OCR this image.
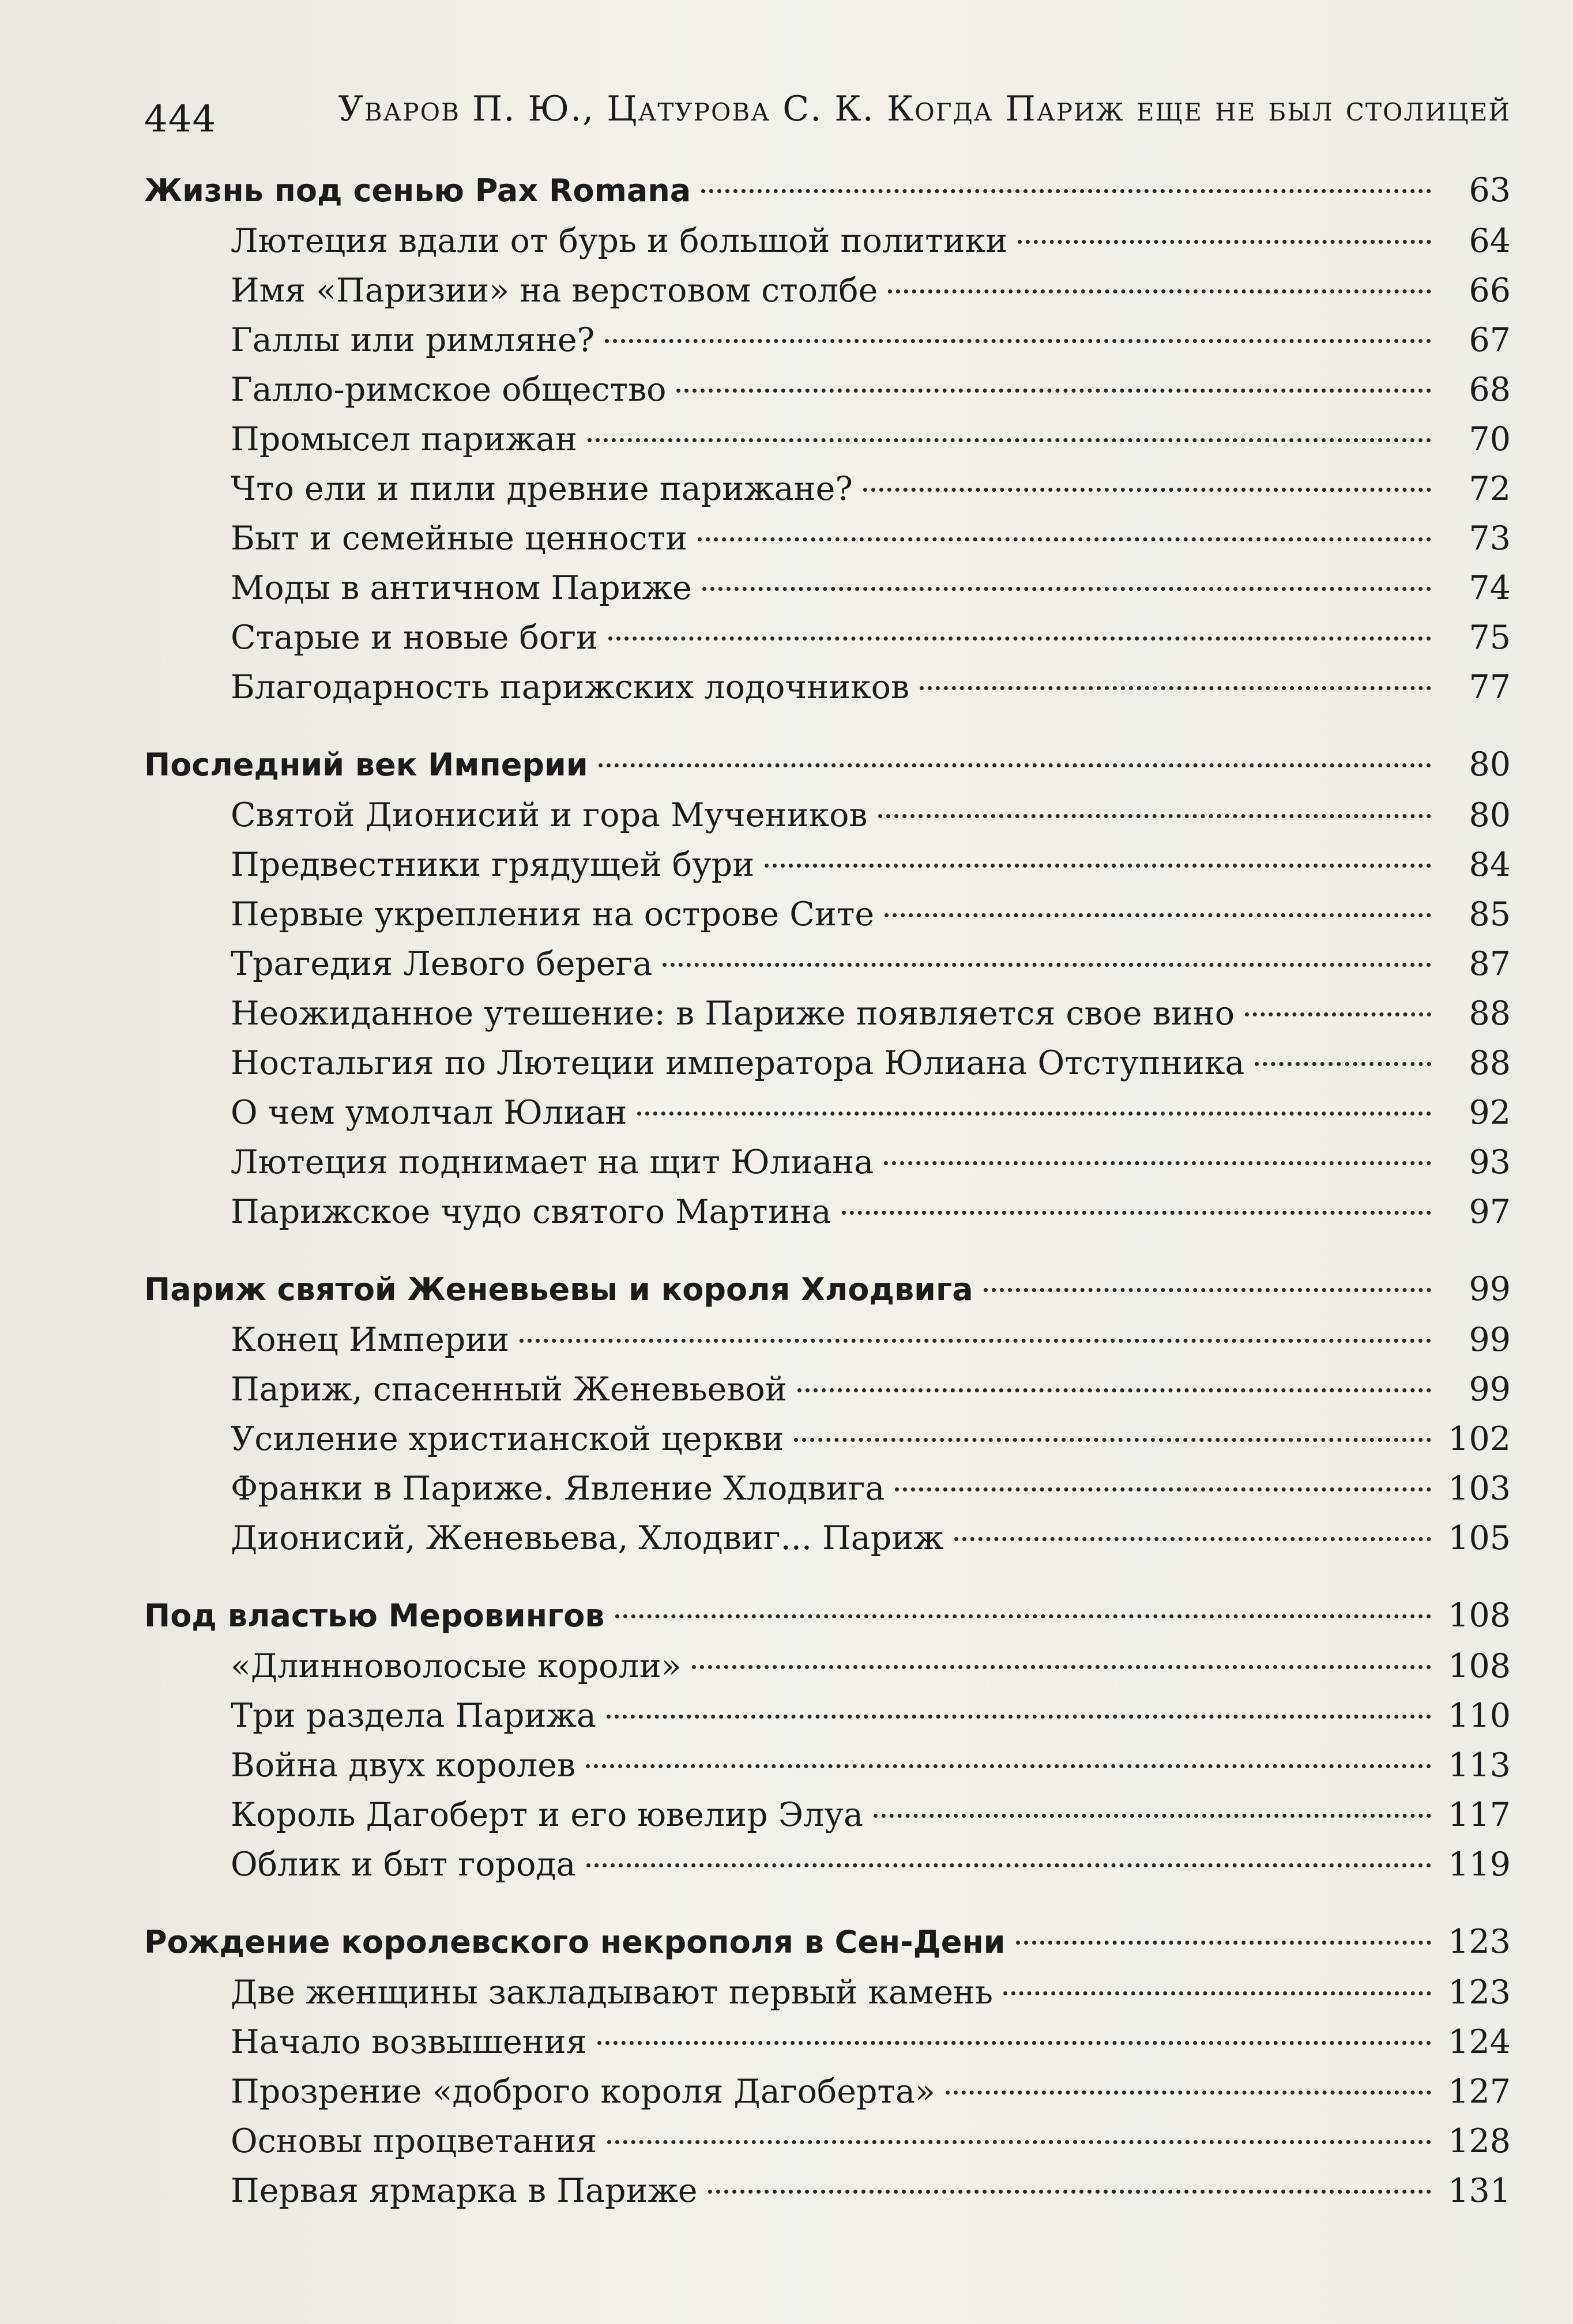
444	Уваров П. Ю., Цатурова С. К. Когда Париж еще не был столицей
Жизнь под сенью Pax Romana	63
Лютеция вдали от бурь и большой политики	64
Имя «Паризии» на верстовом столбе	66
Галлы или римляне?	67
Галло-римское общество	68
Промысел парижан	70
Что ели и пили древние парижане?	72
Быт и семейные ценности	73
Моды в античном Париже	74
Старые и новые боги	75
Благодарность парижских лодочников	77
Последний век Империи	80
Святой Дионисий и гора Мучеников	80
Предвестники грядущей бури	84
Первые укрепления на острове Сите	85
Трагедия Левого берега	87
Неожиданное утешение: в Париже появляется свое вино	88
Ностальгия по Лютеции императора Юлиана Отступника	88
О чем умолчал Юлиан	92
Лютеция поднимает на щит Юлиана	93
Парижское чудо святого Мартина	97
Париж святой Женевьевы и короля Хлодвига	99
Конец Империи	99
Париж, спасенный Женевьевой	99
Усиление христианской церкви	102
Франки в Париже. Явление Хлодвига	103
Дионисий, Женевьева, Хлодвиг... Париж	105
Под властью Меровингов	108
«Длинноволосые короли»	108
Три раздела Парижа	110
Война двух королев	113
Король Дагоберт и его ювелир Элуа	117
Облик и быт города	119
Рождение королевского некрополя в Сен-Дени	123
Две женщины закладывают первый камень	123
Начало возвышения	124
Прозрение «доброго короля Дагоберта»	127
Основы процветания	128
Первая ярмарка в Париже	131
